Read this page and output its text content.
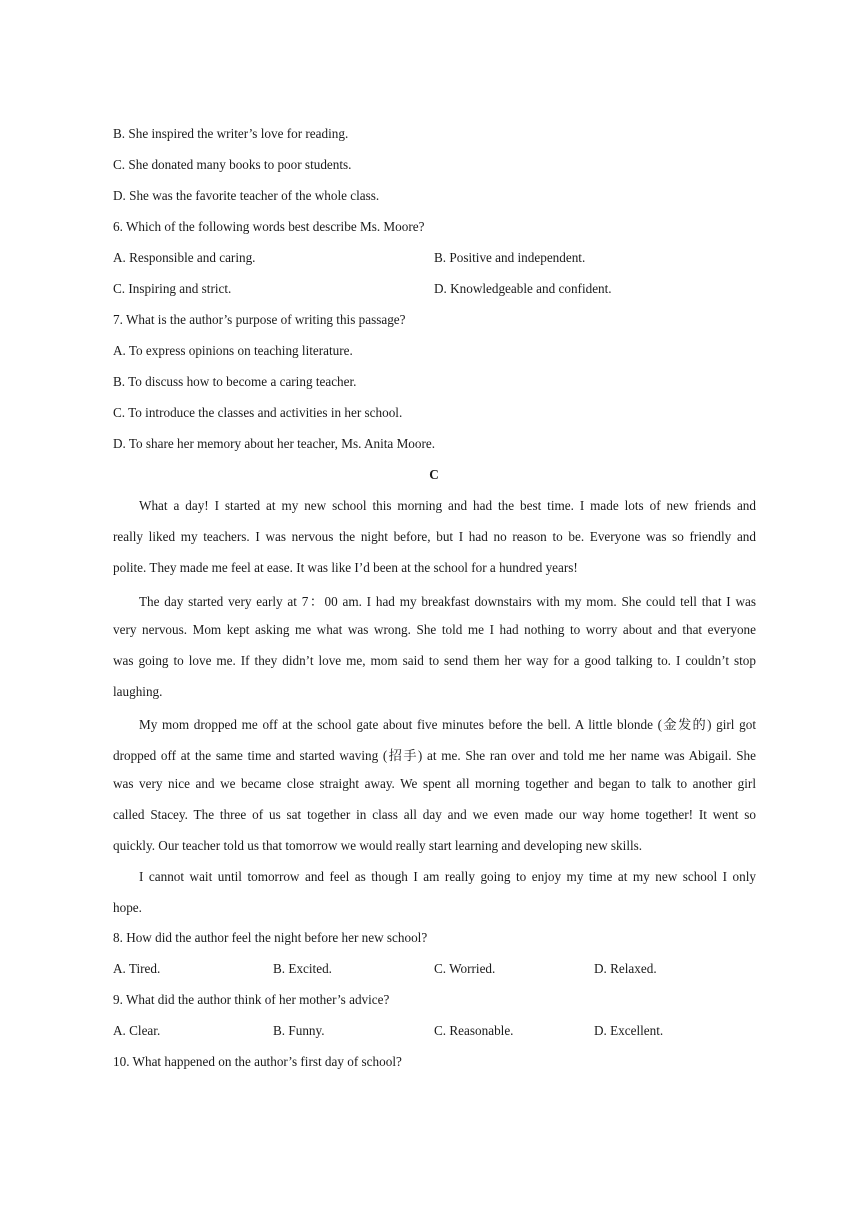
B. She inspired the writer’s love for reading.
C. She donated many books to poor students.
D. She was the favorite teacher of the whole class.
6. Which of the following words best describe Ms. Moore?
A. Responsible and caring.	B. Positive and independent.
C. Inspiring and strict.	D. Knowledgeable and confident.
7. What is the author’s purpose of writing this passage?
A. To express opinions on teaching literature.
B. To discuss how to become a caring teacher.
C. To introduce the classes and activities in her school.
D. To share her memory about her teacher, Ms. Anita Moore.
C
What a day! I started at my new school this morning and had the best time. I made lots of new friends and
really liked my teachers. I was nervous the night before, but I had no reason to be. Everyone was so friendly and
polite. They made me feel at ease. It was like I’d been at the school for a hundred years!
The day started very early at 7：00 am. I had my breakfast downstairs with my mom. She could tell that I was
very nervous. Mom kept asking me what was wrong. She told me I had nothing to worry about and that everyone
was going to love me. If they didn’t love me, mom said to send them her way for a good talking to. I couldn’t stop
laughing.
My mom dropped me off at the school gate about five minutes before the bell. A little blonde (金发的) girl got
dropped off at the same time and started waving (招手) at me. She ran over and told me her name was Abigail. She
was very nice and we became close straight away. We spent all morning together and began to talk to another girl
called Stacey. The three of us sat together in class all day and we even made our way home together! It went so
quickly. Our teacher told us that tomorrow we would really start learning and developing new skills.
I cannot wait until tomorrow and feel as though I am really going to enjoy my time at my new school I only
hope.
8. How did the author feel the night before her new school?
A. Tired.	B. Excited.	C. Worried.	D. Relaxed.
9. What did the author think of her mother’s advice?
A. Clear.	B. Funny.	C. Reasonable.	D. Excellent.
10. What happened on the author’s first day of school?
